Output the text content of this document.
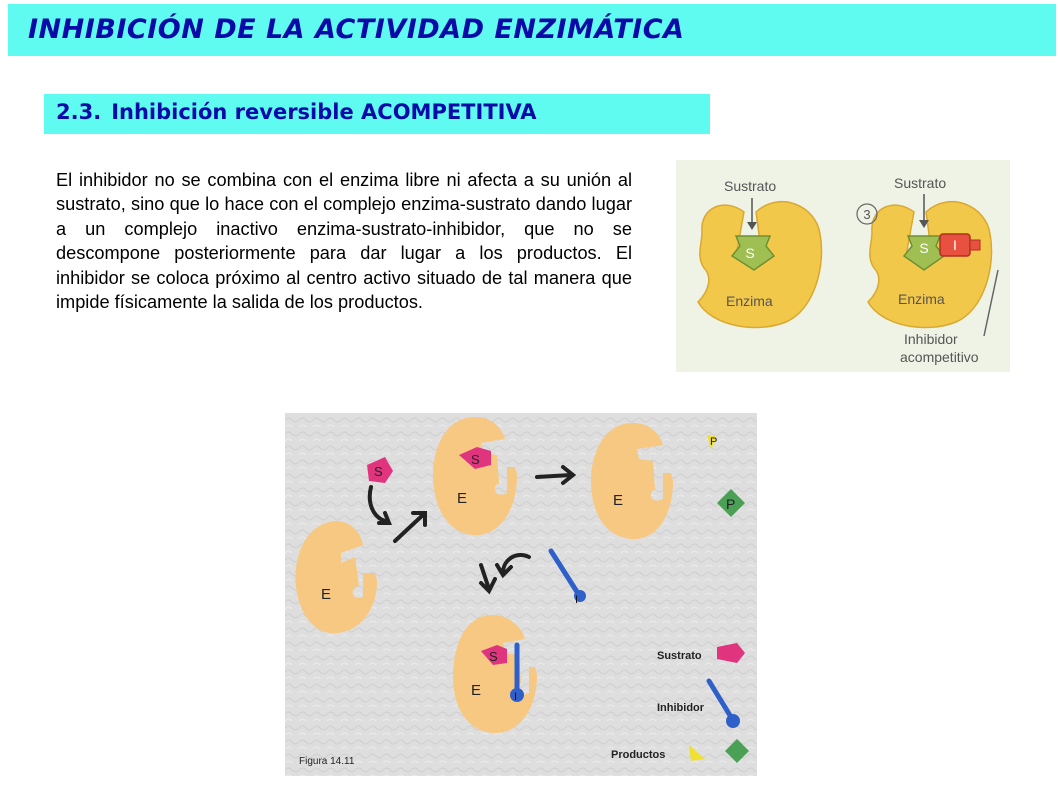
INHIBICIÓN DE LA ACTIVIDAD ENZIMÁTICA
2.3. Inhibición reversible ACOMPETITIVA
El inhibidor no se combina con el enzima libre ni afecta a su unión al sustrato, sino que lo hace con el complejo enzima-sustrato dando lugar a un complejo inactivo enzima-sustrato-inhibidor, que no se descompone posteriormente para dar lugar a los productos. El inhibidor se coloca próximo al centro activo situado de tal manera que impide físicamente la salida de los productos.
S
Sustrato
Enzima
S I
3
Sustrato
Enzima
Inhibidor
acompetitivo
E
S
S
E	E
P
P
I
S
I
E
Sustrato
Inhibidor
Productos
Figura 14.11
